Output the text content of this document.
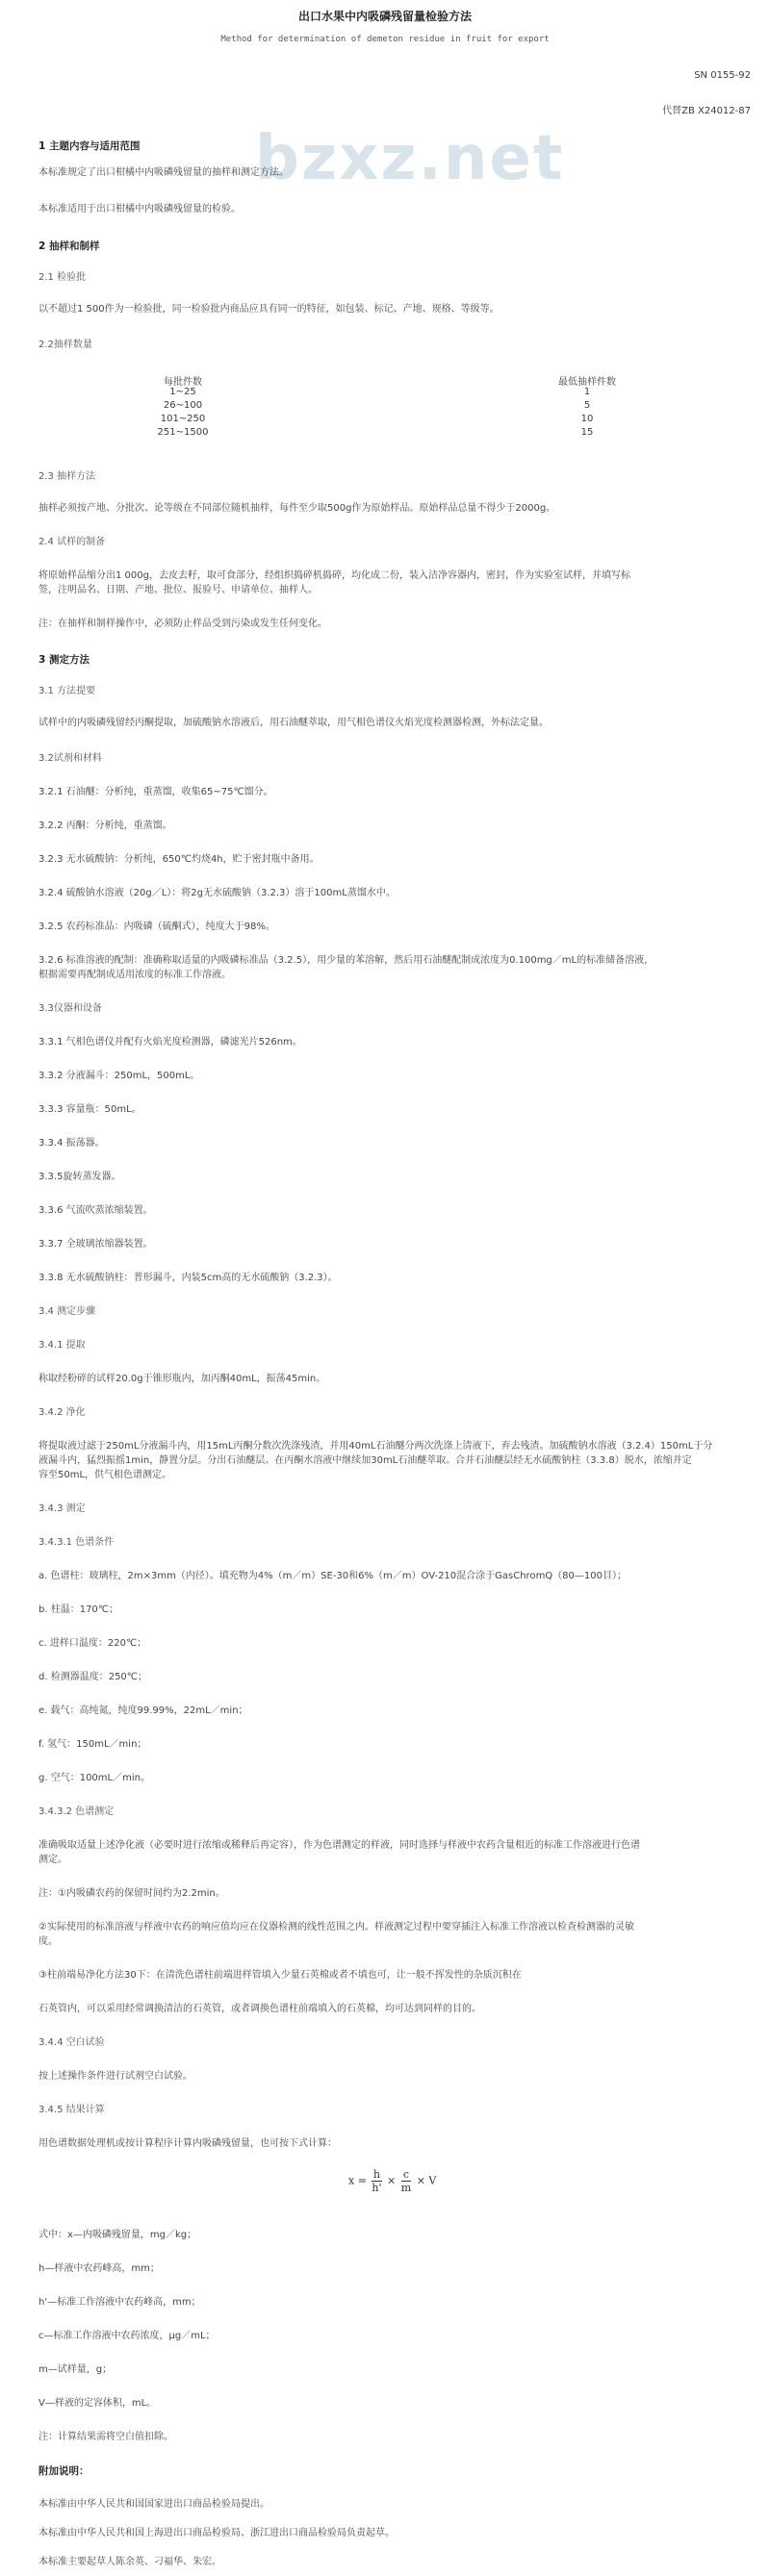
出口水果中内吸磷残留量检验方法
Method for determination of demeton residue in fruit for export
SN 0155-92
代替ZB X24012-87
bzxz.net
1 主题内容与适用范围
本标准规定了出口柑橘中内吸磷残留量的抽样和测定方法。
本标准适用于出口柑橘中内吸磷残留量的检验。
2 抽样和制样
2.1 检验批
以不超过1 500件为一检验批，同一检验批内商品应具有同一的特征，如包装、标记、产地、规格、等级等。
2.2抽样数量
每批件数	最低抽样件数
1~25	1
26~100	5
101~250	10
251~1500	15
2.3 抽样方法
抽样必须按产地、分批次、论等级在不同部位随机抽样，每件至少取500g作为原始样品。原始样品总量不得少于2000g。
2.4 试样的制备
将原始样品缩分出1 000g，去皮去籽，取可食部分，经组织捣碎机捣碎，均化成二份，装入洁净容器内，密封，作为实验室试样，并填写标
签，注明品名、日期、产地、批位、报验号、申请单位、抽样人。
注：在抽样和制样操作中，必须防止样品受到污染或发生任何变化。
3 测定方法
3.1 方法提要
试样中的内吸磷残留经丙酮提取，加硫酸钠水溶液后，用石油醚萃取，用气相色谱仪火焰光度检测器检测，外标法定量。
3.2试剂和材料
3.2.1 石油醚：分析纯，重蒸馏，收集65~75℃馏分。
3.2.2 丙酮：分析纯，重蒸馏。
3.2.3 无水硫酸钠：分析纯，650℃灼烧4h，贮于密封瓶中备用。
3.2.4 硫酸钠水溶液（20g／L）：将2g无水硫酸钠（3.2.3）溶于100mL蒸馏水中。
3.2.5 农药标准品：内吸磷（硫酮式），纯度大于98%。
3.2.6 标准溶液的配制：准确称取适量的内吸磷标准品（3.2.5），用少量的苯溶解，然后用石油醚配制成浓度为0.100mg／mL的标准储备溶液，
根据需要再配制成适用浓度的标准工作溶液。
3.3仪器和设备
3.3.1 气相色谱仪并配有火焰光度检测器，磷滤光片526nm。
3.3.2 分液漏斗：250mL，500mL。
3.3.3 容量瓶：50mL。
3.3.4 振荡器。
3.3.5旋转蒸发器。
3.3.6 气流吹蒸浓缩装置。
3.3.7 全玻璃浓缩器装置。
3.3.8 无水硫酸钠柱：普形漏斗，内装5cm高的无水硫酸钠（3.2.3）。
3.4 测定步骤
3.4.1 提取
称取经粉碎的试样20.0g于锥形瓶内，加丙酮40mL，振荡45min。
3.4.2 净化
将提取液过滤于250mL分液漏斗内，用15mL丙酮分数次洗涤残渣，并用40mL石油醚分两次洗涤上清液下，弃去残渣。加硫酸钠水溶液（3.2.4）150mL于分
液漏斗内，猛烈振摇1min，静置分层。分出石油醚层。在丙酮水溶液中继续加30mL石油醚萃取。合并石油醚层经无水硫酸钠柱（3.3.8）脱水，浓缩并定
容至50mL，供气相色谱测定。
3.4.3 测定
3.4.3.1 色谱条件
a. 色谱柱：玻璃柱，2m×3mm（内径）。填充物为4%（m／m）SE-30和6%（m／m）OV-210混合涂于GasChromQ（80—100目）；
b. 柱温：170℃；
c. 进样口温度：220℃；
d. 检测器温度：250℃；
e. 载气：高纯氮，纯度99.99%，22mL／min；
f. 氢气：150mL／min；
g. 空气：100mL／min。
3.4.3.2 色谱测定
准确吸取适量上述净化液（必要时进行浓缩或稀释后再定容），作为色谱测定的样液，同时选择与样液中农药含量相近的标准工作溶液进行色谱
测定。
注：①内吸磷农药的保留时间约为2.2min。
②实际使用的标准溶液与样液中农药的响应值均应在仪器检测的线性范围之内。样液测定过程中要穿插注入标准工作溶液以检查检测器的灵敏
度。
③柱前端易净化方法30下：在清洗色谱柱前端进样管填入少量石英棉或者不填也可，让一般不挥发性的杂质沉积在
石英管内，可以采用经常调换清洁的石英管，或者调换色谱柱前端填入的石英棉，均可达到同样的目的。
3.4.4 空白试验
按上述操作条件进行试剂空白试验。
3.4.5 结果计算
用色谱数据处理机或按计算程序计算内吸磷残留量，也可按下式计算：
$x = \frac{h}{h'} \times \frac{c}{m} \times V$
式中：x—内吸磷残留量，mg／kg；
h—样液中农药峰高，mm；
h'—标准工作溶液中农药峰高，mm；
c—标准工作溶液中农药浓度，μg／mL；
m—试样量，g；
V—样液的定容体积，mL。
注：计算结果需将空白值扣除。
附加说明：
本标准由中华人民共和国国家进出口商品检验局提出。
本标准由中华人民共和国上海进出口商品检验局、浙江进出口商品检验局负责起草。
本标准主要起草人陈余英、刁福华、朱宏。
